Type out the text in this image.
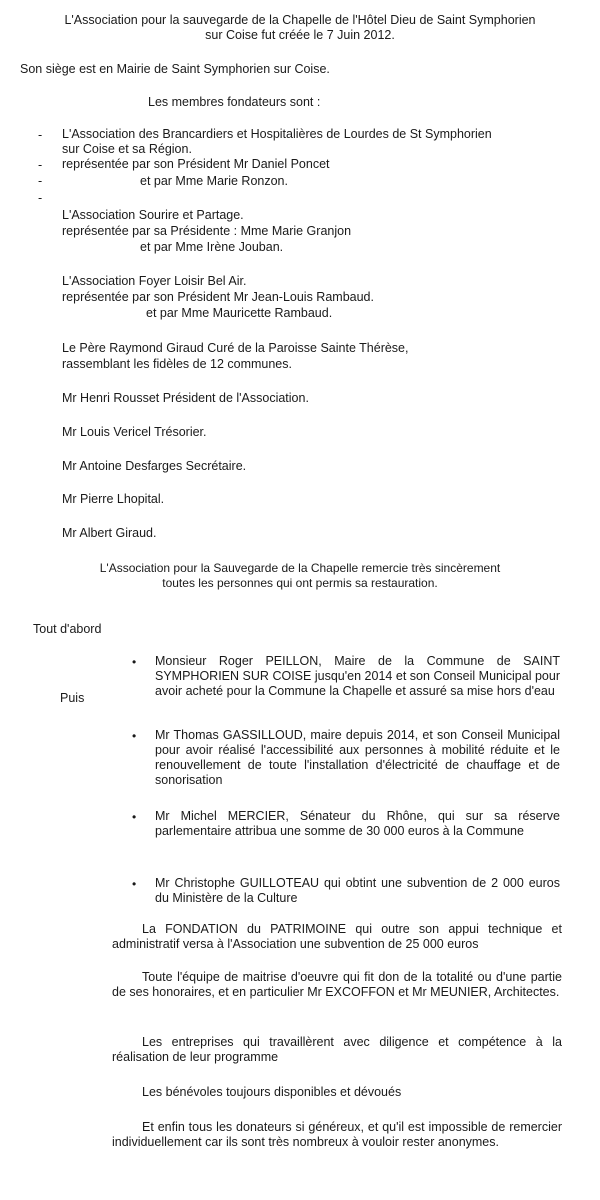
L'Association pour la sauvegarde de la Chapelle de l'Hôtel Dieu de Saint Symphorien
sur Coise fut créée le 7 Juin 2012.
Son siège est en Mairie de Saint Symphorien sur Coise.
Les membres fondateurs sont :
-
-
-
-
L'Association des Brancardiers et Hospitalières de Lourdes de St Symphorien
sur Coise et sa Région.
représentée par son Président Mr Daniel Poncet
et par Mme Marie Ronzon.
L'Association Sourire et Partage.
représentée par sa Présidente : Mme Marie Granjon
et par Mme Irène Jouban.
L'Association Foyer Loisir Bel Air.
représentée par son Président Mr Jean-Louis Rambaud.
et par Mme Mauricette Rambaud.
Le Père Raymond Giraud Curé de la Paroisse Sainte Thérèse,
rassemblant les fidèles de 12 communes.
Mr Henri Rousset Président de l'Association.
Mr Louis Vericel Trésorier.
Mr Antoine Desfarges Secrétaire.
Mr Pierre Lhopital.
Mr Albert Giraud.
L'Association pour la Sauvegarde de la Chapelle remercie très sincèrement
toutes les personnes qui ont permis sa restauration.
Tout d'abord
Puis
• Monsieur Roger PEILLON, Maire de la Commune de SAINT SYMPHORIEN SUR COISE jusqu'en 2014 et son Conseil Municipal pour avoir acheté pour la Commune la Chapelle et assuré sa mise hors d'eau
• Mr Thomas GASSILLOUD, maire depuis 2014, et son Conseil Municipal pour avoir réalisé l'accessibilité aux personnes à mobilité réduite et le renouvellement de toute l'installation d'électricité de chauffage et de sonorisation
• Mr Michel MERCIER, Sénateur du Rhône, qui sur sa réserve parlementaire attribua une somme de 30 000 euros à la Commune
• Mr Christophe GUILLOTEAU qui obtint une subvention de 2 000 euros du Ministère de la Culture
La FONDATION du PATRIMOINE qui outre son appui technique et administratif versa à l'Association une subvention de 25 000 euros
Toute l'équipe de maitrise d'oeuvre qui fit don de la totalité ou d'une partie de ses honoraires, et en particulier Mr EXCOFFON et Mr MEUNIER, Architectes.
Les entreprises qui travaillèrent avec diligence et compétence à la réalisation de leur programme
Les bénévoles toujours disponibles et dévoués
Et enfin tous les donateurs si généreux, et qu'il est impossible de remercier individuellement car ils sont très nombreux à vouloir rester anonymes.
